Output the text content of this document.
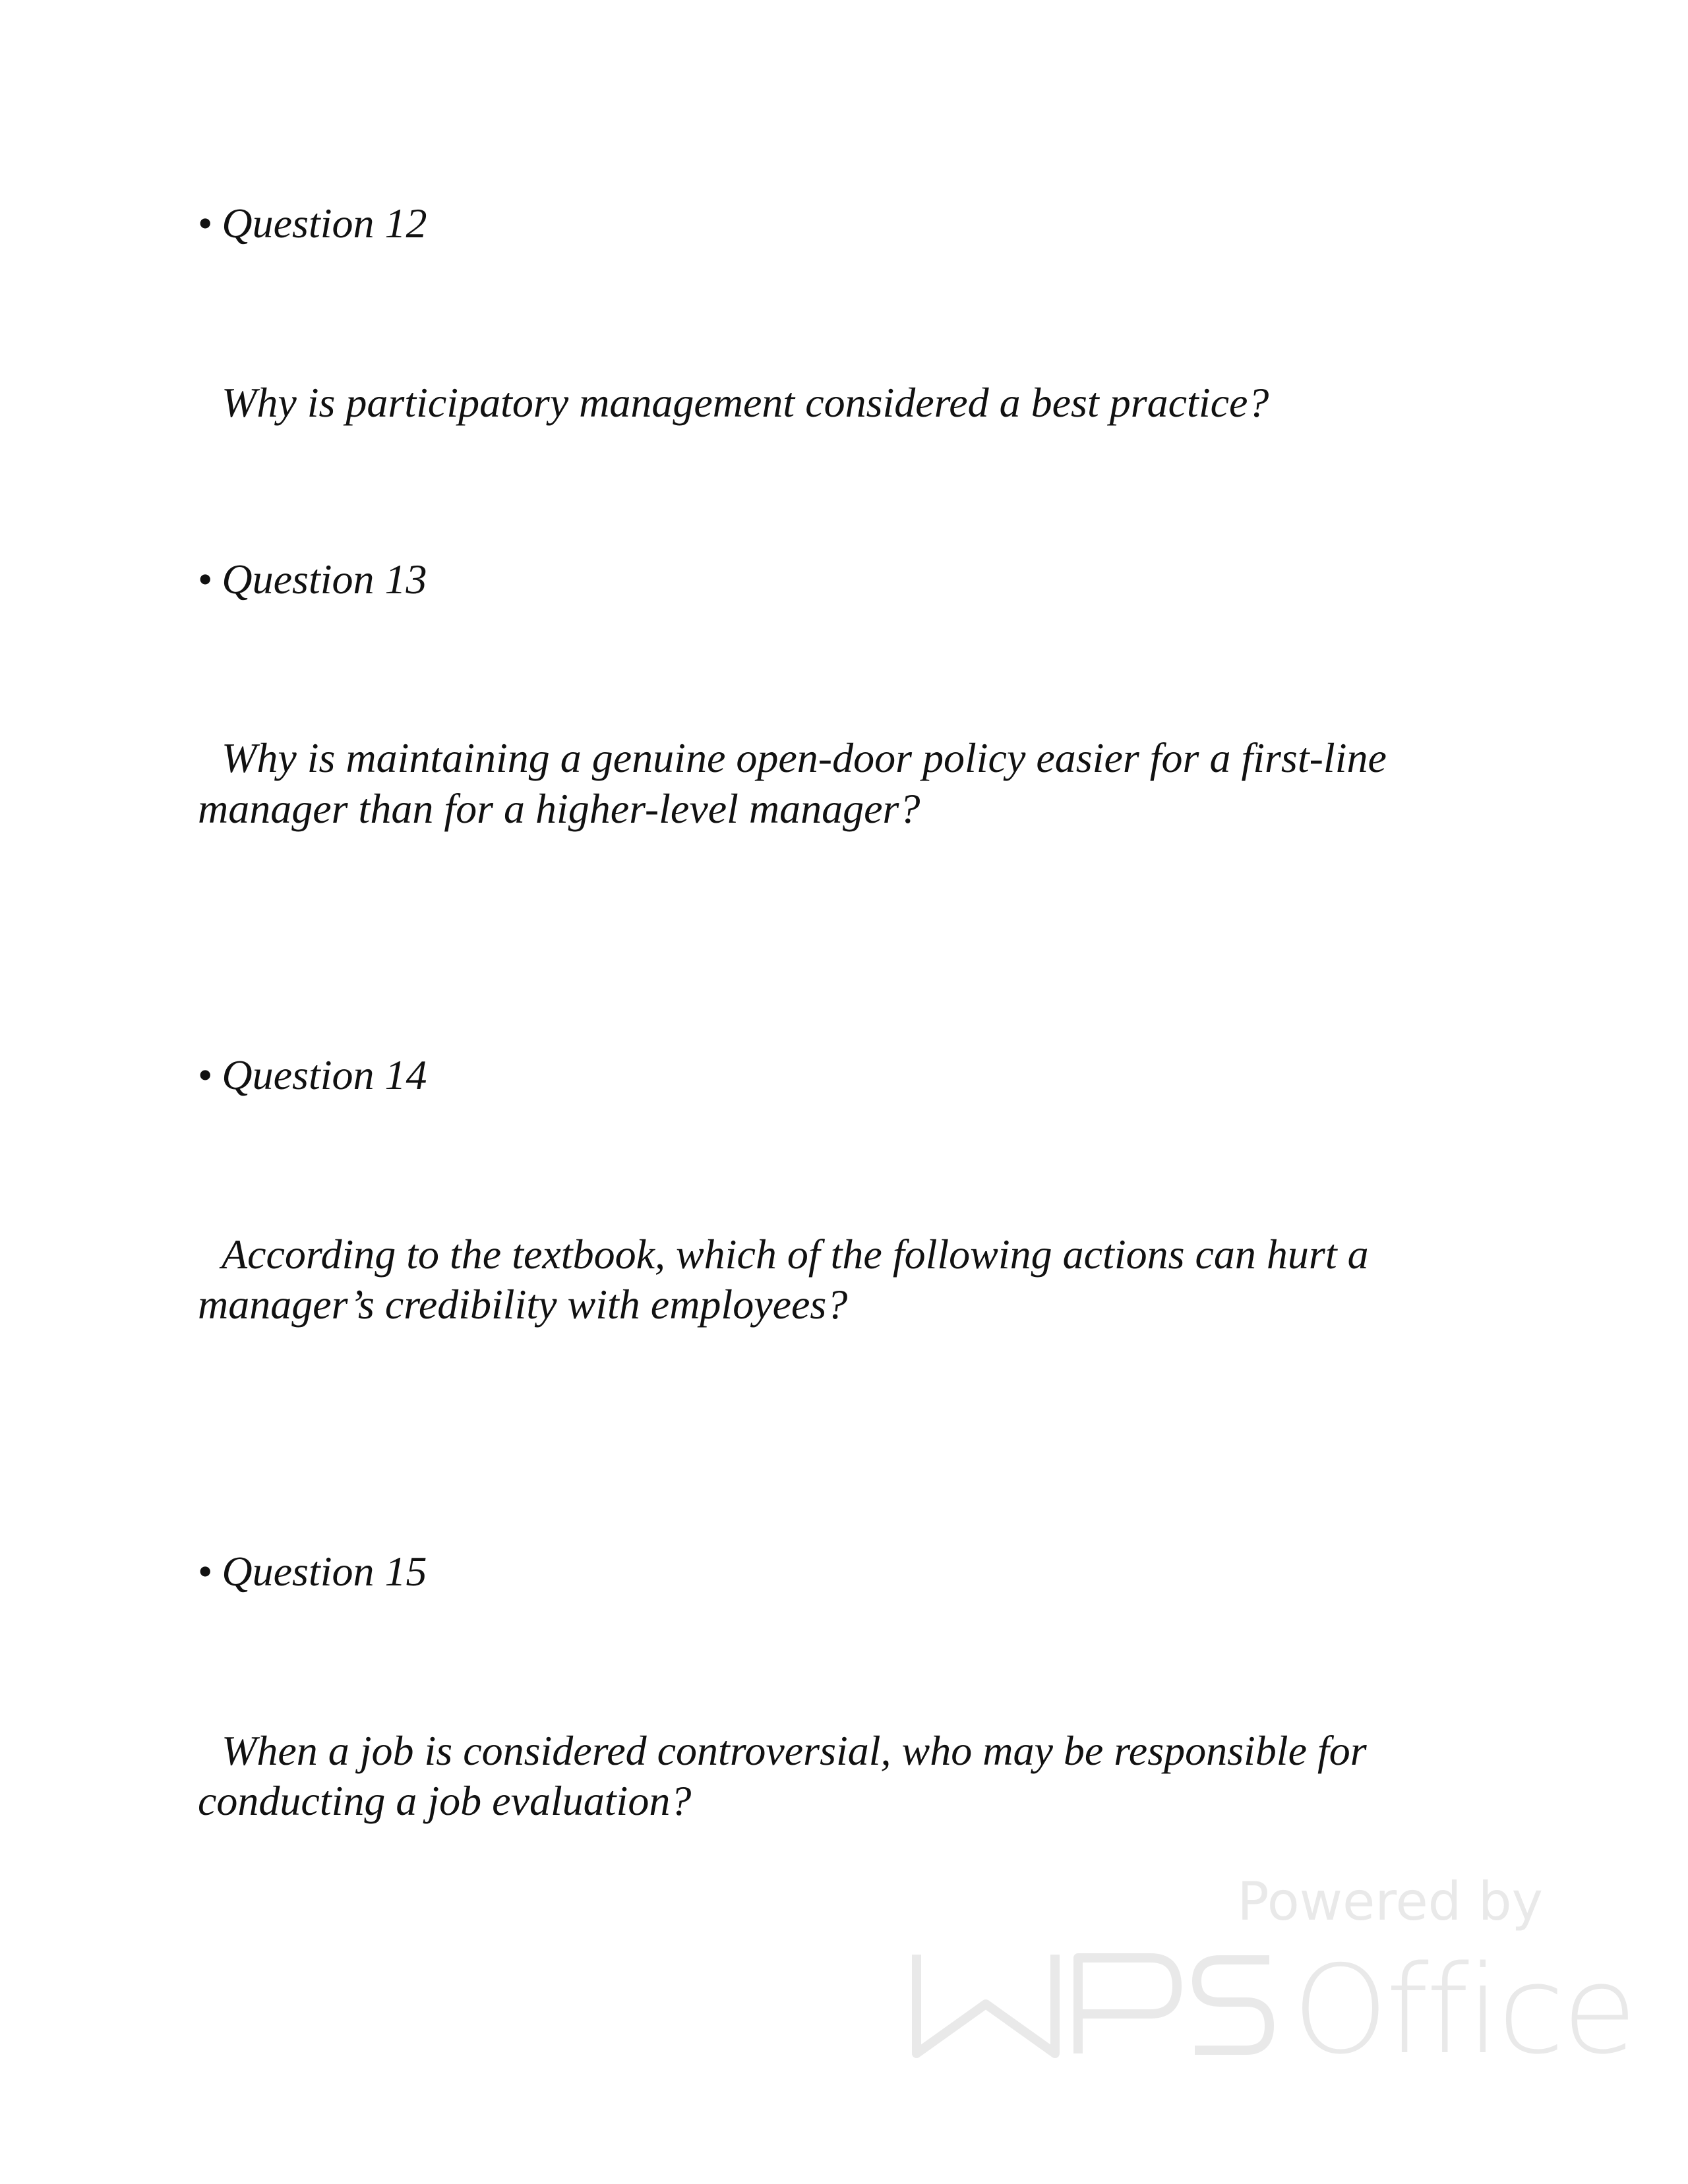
• Question 12

Why is participatory management considered a best practice?

• Question 13

Why is maintaining a genuine open-door policy easier for a first-line

manager than for a higher-level manager?

• Question 14

According to the textbook, which of the following actions can hurt a

manager’s credibility with employees?

• Question 15

When a job is considered controversial, who may be responsible for

conducting a job evaluation?

Powered by
Office
